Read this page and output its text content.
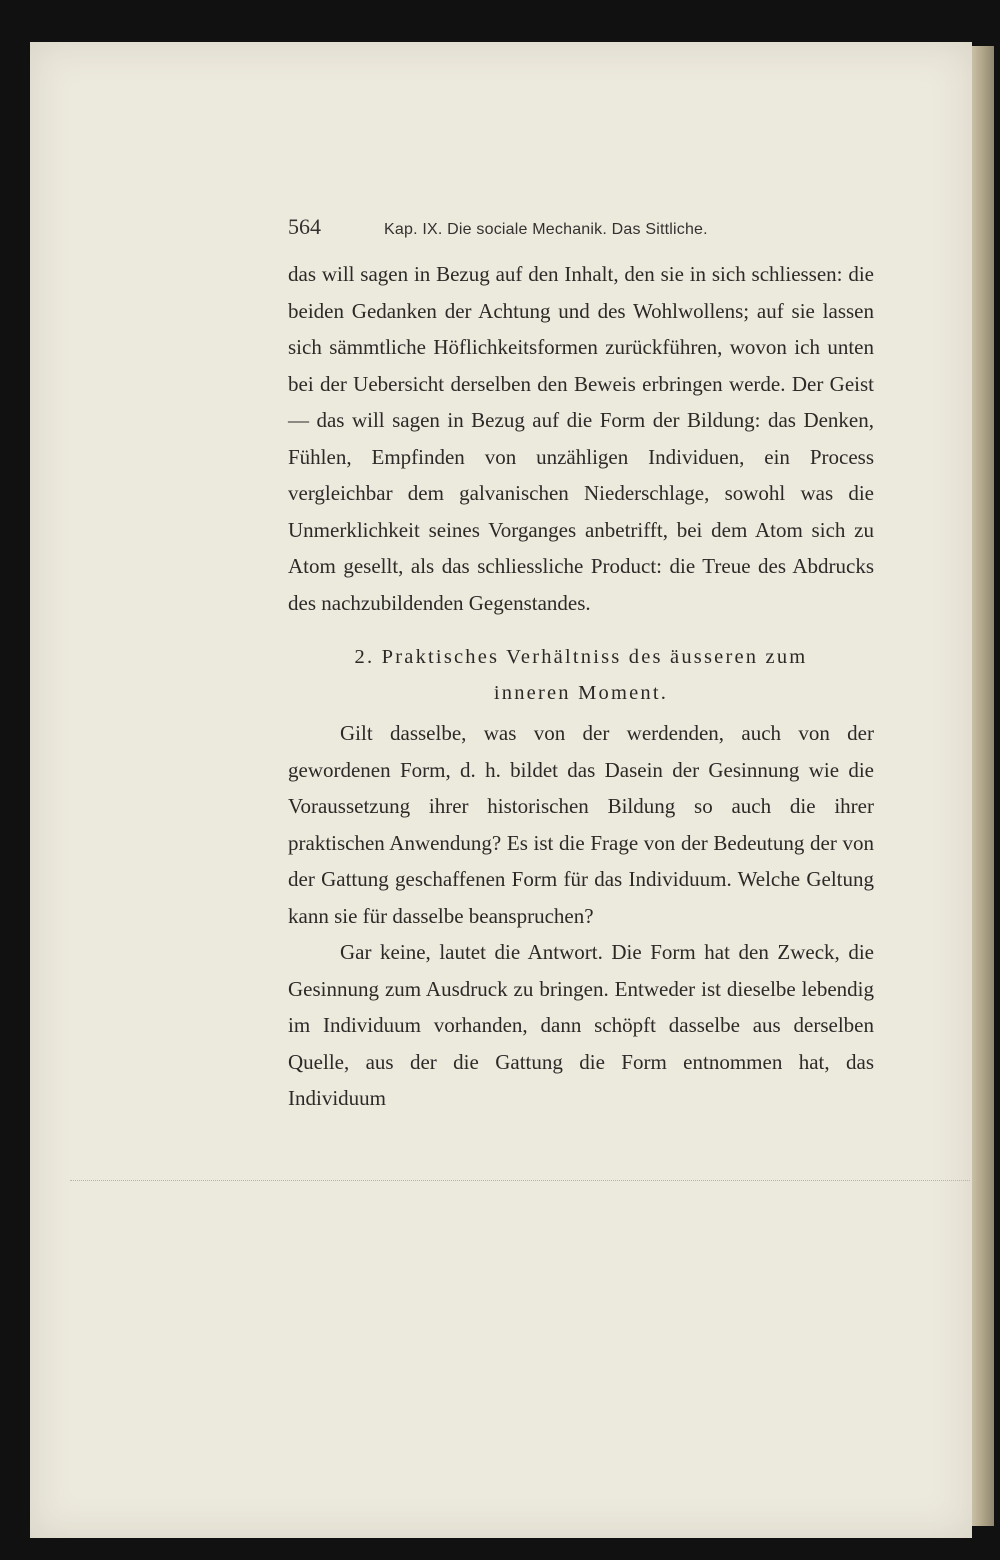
564	Kap. IX. Die sociale Mechanik. Das Sittliche.

das will sagen in Bezug auf den Inhalt, den sie in sich schliessen: die beiden Gedanken der Achtung und des Wohlwollens; auf sie lassen sich sämmtliche Höflichkeitsformen zurückführen, wovon ich unten bei der Uebersicht derselben den Beweis erbringen werde. Der Geist — das will sagen in Bezug auf die Form der Bildung: das Denken, Fühlen, Empfinden von unzähligen Individuen, ein Process vergleichbar dem galvanischen Niederschlage, sowohl was die Unmerklichkeit seines Vorganges anbetrifft, bei dem Atom sich zu Atom gesellt, als das schliessliche Product: die Treue des Abdrucks des nachzubildenden Gegenstandes.

2. Praktisches Verhältniss des äusseren zum

inneren Moment.

Gilt dasselbe, was von der werdenden, auch von der gewordenen Form, d. h. bildet das Dasein der Gesinnung wie die Voraussetzung ihrer historischen Bildung so auch die ihrer praktischen Anwendung? Es ist die Frage von der Bedeutung der von der Gattung geschaffenen Form für das Individuum. Welche Geltung kann sie für dasselbe beanspruchen?

Gar keine, lautet die Antwort. Die Form hat den Zweck, die Gesinnung zum Ausdruck zu bringen. Entweder ist dieselbe lebendig im Individuum vorhanden, dann schöpft dasselbe aus derselben Quelle, aus der die Gattung die Form entnommen hat, das Individuum
